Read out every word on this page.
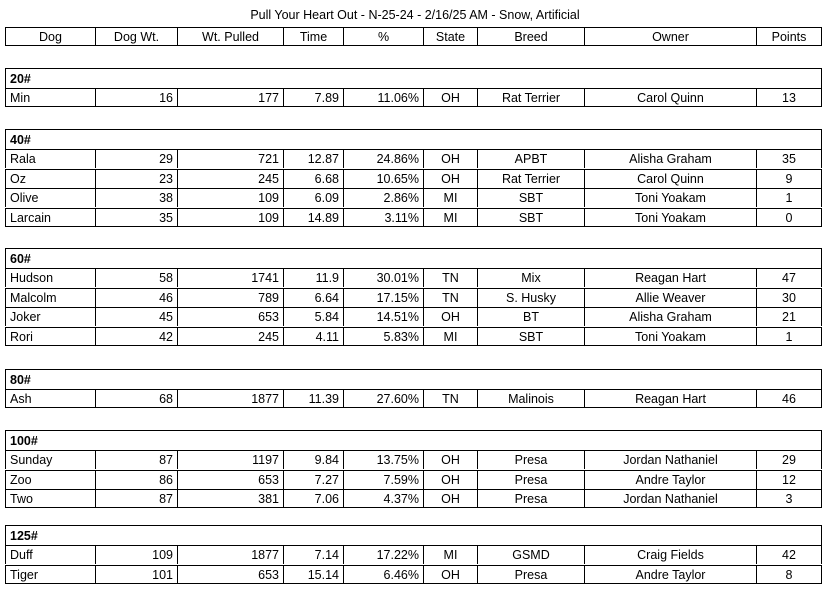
Pull Your Heart Out - N-25-24 - 2/16/25 AM - Snow, Artificial
Dog	Dog Wt.	Wt. Pulled	Time	%	State	Breed	Owner	Points
20#
Min	16	177	7.89	11.06%	OH	Rat Terrier	Carol Quinn	13
40#
Rala	29	721	12.87	24.86%	OH	APBT	Alisha Graham	35
Oz	23	245	6.68	10.65%	OH	Rat Terrier	Carol Quinn	9
Olive	38	109	6.09	2.86%	MI	SBT	Toni Yoakam	1
Larcain	35	109	14.89	3.11%	MI	SBT	Toni Yoakam	0
60#
Hudson	58	1741	11.9	30.01%	TN	Mix	Reagan Hart	47
Malcolm	46	789	6.64	17.15%	TN	S. Husky	Allie Weaver	30
Joker	45	653	5.84	14.51%	OH	BT	Alisha Graham	21
Rori	42	245	4.11	5.83%	MI	SBT	Toni Yoakam	1
80#
Ash	68	1877	11.39	27.60%	TN	Malinois	Reagan Hart	46
100#
Sunday	87	1197	9.84	13.75%	OH	Presa	Jordan Nathaniel	29
Zoo	86	653	7.27	7.59%	OH	Presa	Andre Taylor	12
Two	87	381	7.06	4.37%	OH	Presa	Jordan Nathaniel	3
125#
Duff	109	1877	7.14	17.22%	MI	GSMD	Craig Fields	42
Tiger	101	653	15.14	6.46%	OH	Presa	Andre Taylor	8
